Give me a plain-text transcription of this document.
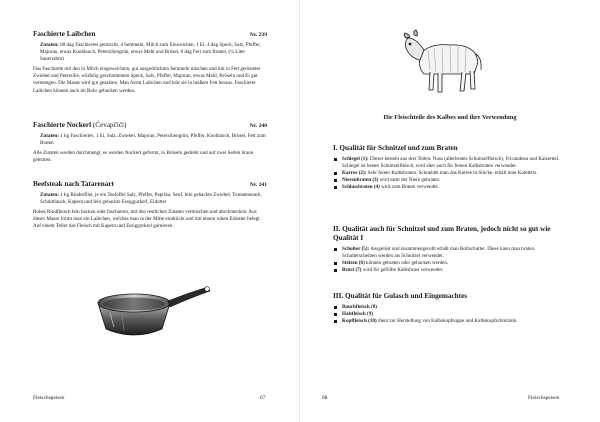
Faschierte Laibchen	Nr. 239
Zutaten: 80 dag Faschiertes gemischt, 4 Semmeln, Milch zum Einweichen, 1 Ei, 4 dag Speck, Salz, Pfeffer, Majoran, etwas Knoblauch, Petersiliengrün, etwas Mehl und Brösel, 6 dag Fett zum Braten, (¼ Liter Sauerrahm)
Das Faschierte mit den in Milch eingeweichten, gut ausgedrückten Semmeln mischen und mit in Fett gerösteter Zwiebel und Petersilie, würfelig geschnittenem Speck, Salz, Pfeffer, Majoran, etwas Mehl, Bröseln und Ei gut vermengen. Die Masse wird gut gesalzen. Man formt Laibchen und brät sie in heißem Fett heraus. Faschierte Laibchen können auch im Rohr gebacken werden.
Faschierte Nockerl (Ćevapčići)	Nr. 240
Zutaten: 1 kg Faschiertes, 1 Ei, Salz, Zwiebel, Majoran, Petersiliengrün, Pfeffer, Knoblauch, Brösel, Fett zum Braten
Alle Zutaten werden durchmengt, es werden Nockerl geformt, in Bröseln gedreht und auf zwei Seiten braun gebraten.
Beefsteak nach Tatarenart	Nr. 241
Zutaten: 1 kg Rinderfilet, je ein Teelöffel Salz, Pfeffer, Paprika, Senf, fein gehackte Zwiebel, Tomatenmark, Schnittlauch, Kapern und fein gehackte Essiggurkerl, Eidotter
Rohes Rindfleisch fein hacken oder faschieren, mit den restlichen Zutaten vermischen und abschmecken. Aus dieser Masse formt man ein Laibchen, welches man in der Mitte eindrückt und mit einem rohen Eidotter belegt. Auf einem Teller das Fleisch mit Kapern und Essiggurkerl garnieren.
Fleischspeisen	67
Die Fleischteile des Kalbes und ihre Verwendung
I. Qualität für Schnitzel und zum Braten
Schlegel (1): Dieser besteht aus drei Teilen: Nuss (allerbestes Schnitzelfleisch), Fricandeau und Kaiserteil. Schlegel ist bestes Schnitzelfleisch, wird aber auch für feinen Kalbsbraten verwendet.
Karree (2): Sehr feiner Kalbsbraten. Schneidet man das Karree in Stücke, erhält man Koteletts.
Nierenbraten (3) wird samt der Niere gebraten.
Schlussbraten (4) wird zum Braten verwendet.
II. Qualität auch für Schnitzel und zum Braten, jedoch nicht so gut wie Qualität I
Schulter (5): Ausgelöst und zusammengerollt erhält man Rollschulter. Diese kann man braten. Schulterscheiben werden als Schnitzel verwendet.
Stelzen (6) können gebraten oder gebacken werden.
Brust (7) wird für gefüllte Kalbsbrust verwendet.
III. Qualität für Gulasch und Eingemachtes
Bauchfleisch (8)
Halsfleisch (9)
Kopffleisch (10) dient zur Herstellung von Kalbskopfsuppe und Kalbskopfschnitzeln.
68	Fleischspeisen
